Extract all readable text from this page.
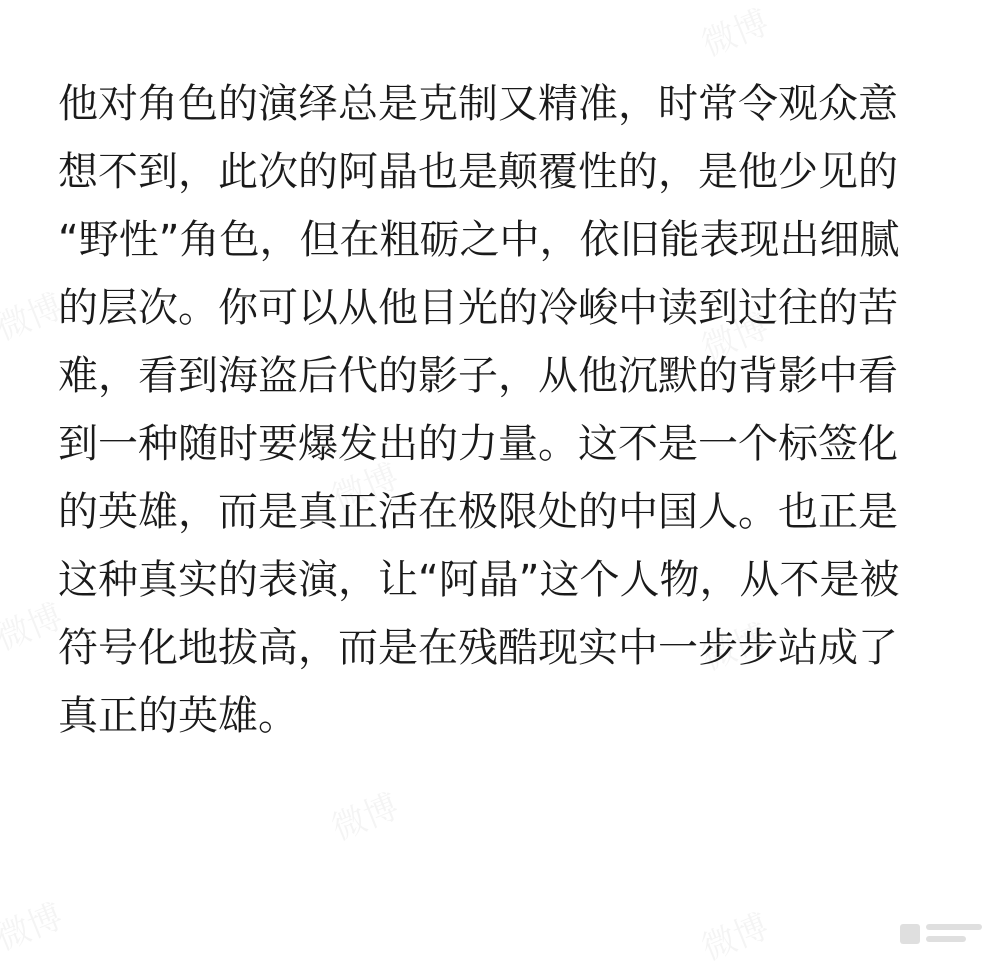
他对角色的演绎总是克制又精准，时常令观众意
想不到，此次的阿晶也是颠覆性的，是他少见的
“野性”角色，但在粗砺之中，依旧能表现出细腻
的层次。你可以从他目光的冷峻中读到过往的苦
难，看到海盗后代的影子，从他沉默的背影中看
到一种随时要爆发出的力量。这不是一个标签化
的英雄，而是真正活在极限处的中国人。也正是
这种真实的表演，让“阿晶”这个人物，从不是被
符号化地拔高，而是在残酷现实中一步步站成了
真正的英雄。
